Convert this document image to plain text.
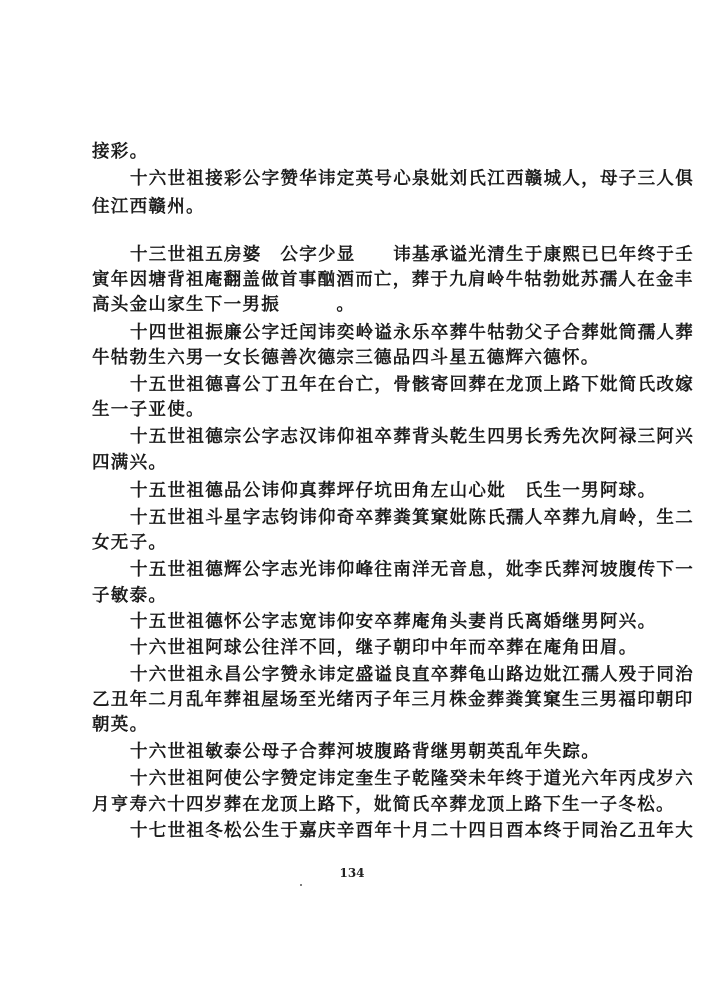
接彩。
十六世祖接彩公字赞华讳定英号心泉妣刘氏江西赣城人，母子三人俱
住江西赣州。
十三世祖五房婆　公字少显　　讳基承谥光清生于康熙已巳年终于壬
寅年因塘背祖庵翻盖做首事酗酒而亡，葬于九肩岭牛牯勃妣苏孺人在金丰
高头金山家生下一男振　　　。
十四世祖振廉公字迁闰讳奕岭谥永乐卒葬牛牯勃父子合葬妣筒孺人葬
牛牯勃生六男一女长德善次德宗三德品四斗星五德辉六德怀。
十五世祖德喜公丁丑年在台亡，骨骸寄回葬在龙顶上路下妣简氏改嫁
生一子亚使。
十五世祖德宗公字志汉讳仰祖卒葬背头乾生四男长秀先次阿禄三阿兴
四满兴。
十五世祖德品公讳仰真葬坪仔坑田角左山心妣　氏生一男阿球。
十五世祖斗星字志钧讳仰奇卒葬粪箕窠妣陈氏孺人卒葬九肩岭，生二
女无子。
十五世祖德辉公字志光讳仰峰往南洋无音息，妣李氏葬河坡腹传下一
子敏泰。
十五世祖德怀公字志宽讳仰安卒葬庵角头妻肖氏离婚继男阿兴。
十六世祖阿球公往洋不回，继子朝印中年而卒葬在庵角田眉。
十六世祖永昌公字赞永讳定盛谥良直卒葬龟山路边妣江孺人殁于同治
乙丑年二月乱年葬祖屋场至光绪丙子年三月株金葬粪箕窠生三男福印朝印
朝英。
十六世祖敏泰公母子合葬河坡腹路背继男朝英乱年失踪。
十六世祖阿使公字赞定讳定奎生子乾隆癸未年终于道光六年丙戌岁六
月亨寿六十四岁葬在龙顶上路下，妣简氏卒葬龙顶上路下生一子冬松。
十七世祖冬松公生于嘉庆辛酉年十月二十四日酉本终于同治乙丑年大
134
